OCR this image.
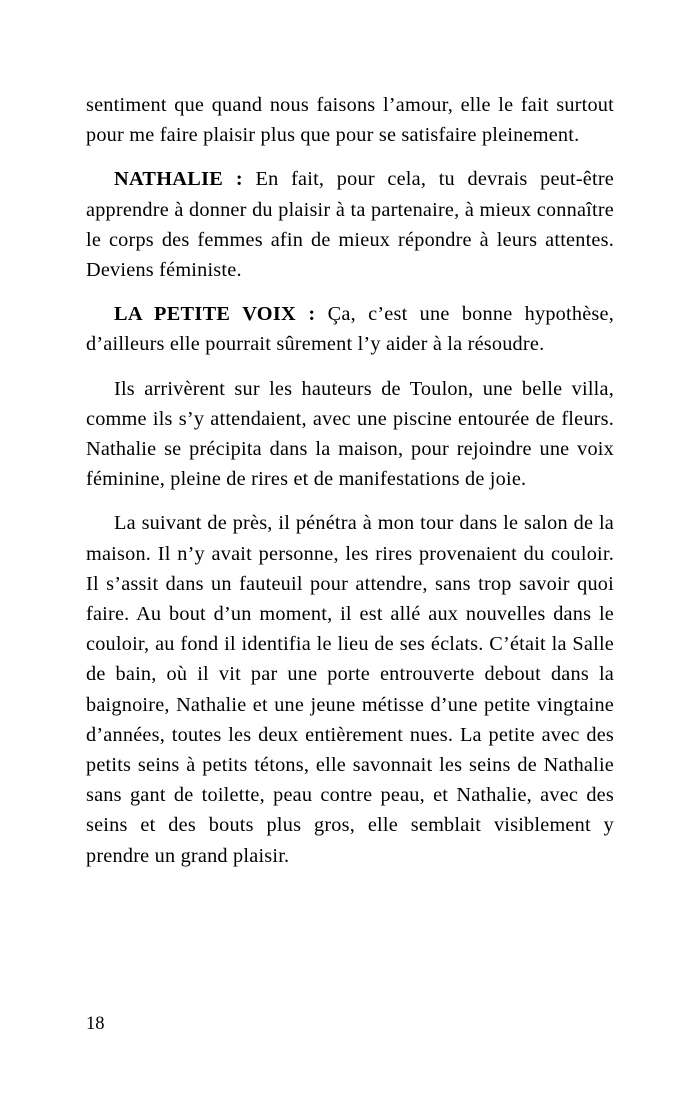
sentiment que quand nous faisons l’amour, elle le fait surtout pour me faire plaisir plus que pour se satisfaire pleinement.

NATHALIE : En fait, pour cela, tu devrais peut-être apprendre à donner du plaisir à ta partenaire, à mieux connaître le corps des femmes afin de mieux répondre à leurs attentes. Deviens féministe.

LA PETITE VOIX : Ça, c’est une bonne hypothèse, d’ailleurs elle pourrait sûrement l’y aider à la résoudre.

Ils arrivèrent sur les hauteurs de Toulon, une belle villa, comme ils s’y attendaient, avec une piscine entourée de fleurs. Nathalie se précipita dans la maison, pour rejoindre une voix féminine, pleine de rires et de manifestations de joie.

La suivant de près, il pénétra à mon tour dans le salon de la maison. Il n’y avait personne, les rires provenaient du couloir. Il s’assit dans un fauteuil pour attendre, sans trop savoir quoi faire. Au bout d’un moment, il est allé aux nouvelles dans le couloir, au fond il identifia le lieu de ses éclats. C’était la Salle de bain, où il vit par une porte entrouverte debout dans la baignoire, Nathalie et une jeune métisse d’une petite vingtaine d’années, toutes les deux entièrement nues. La petite avec des petits seins à petits tétons, elle savonnait les seins de Nathalie sans gant de toilette, peau contre peau, et Nathalie, avec des seins et des bouts plus gros, elle semblait visiblement y prendre un grand plaisir.

18
